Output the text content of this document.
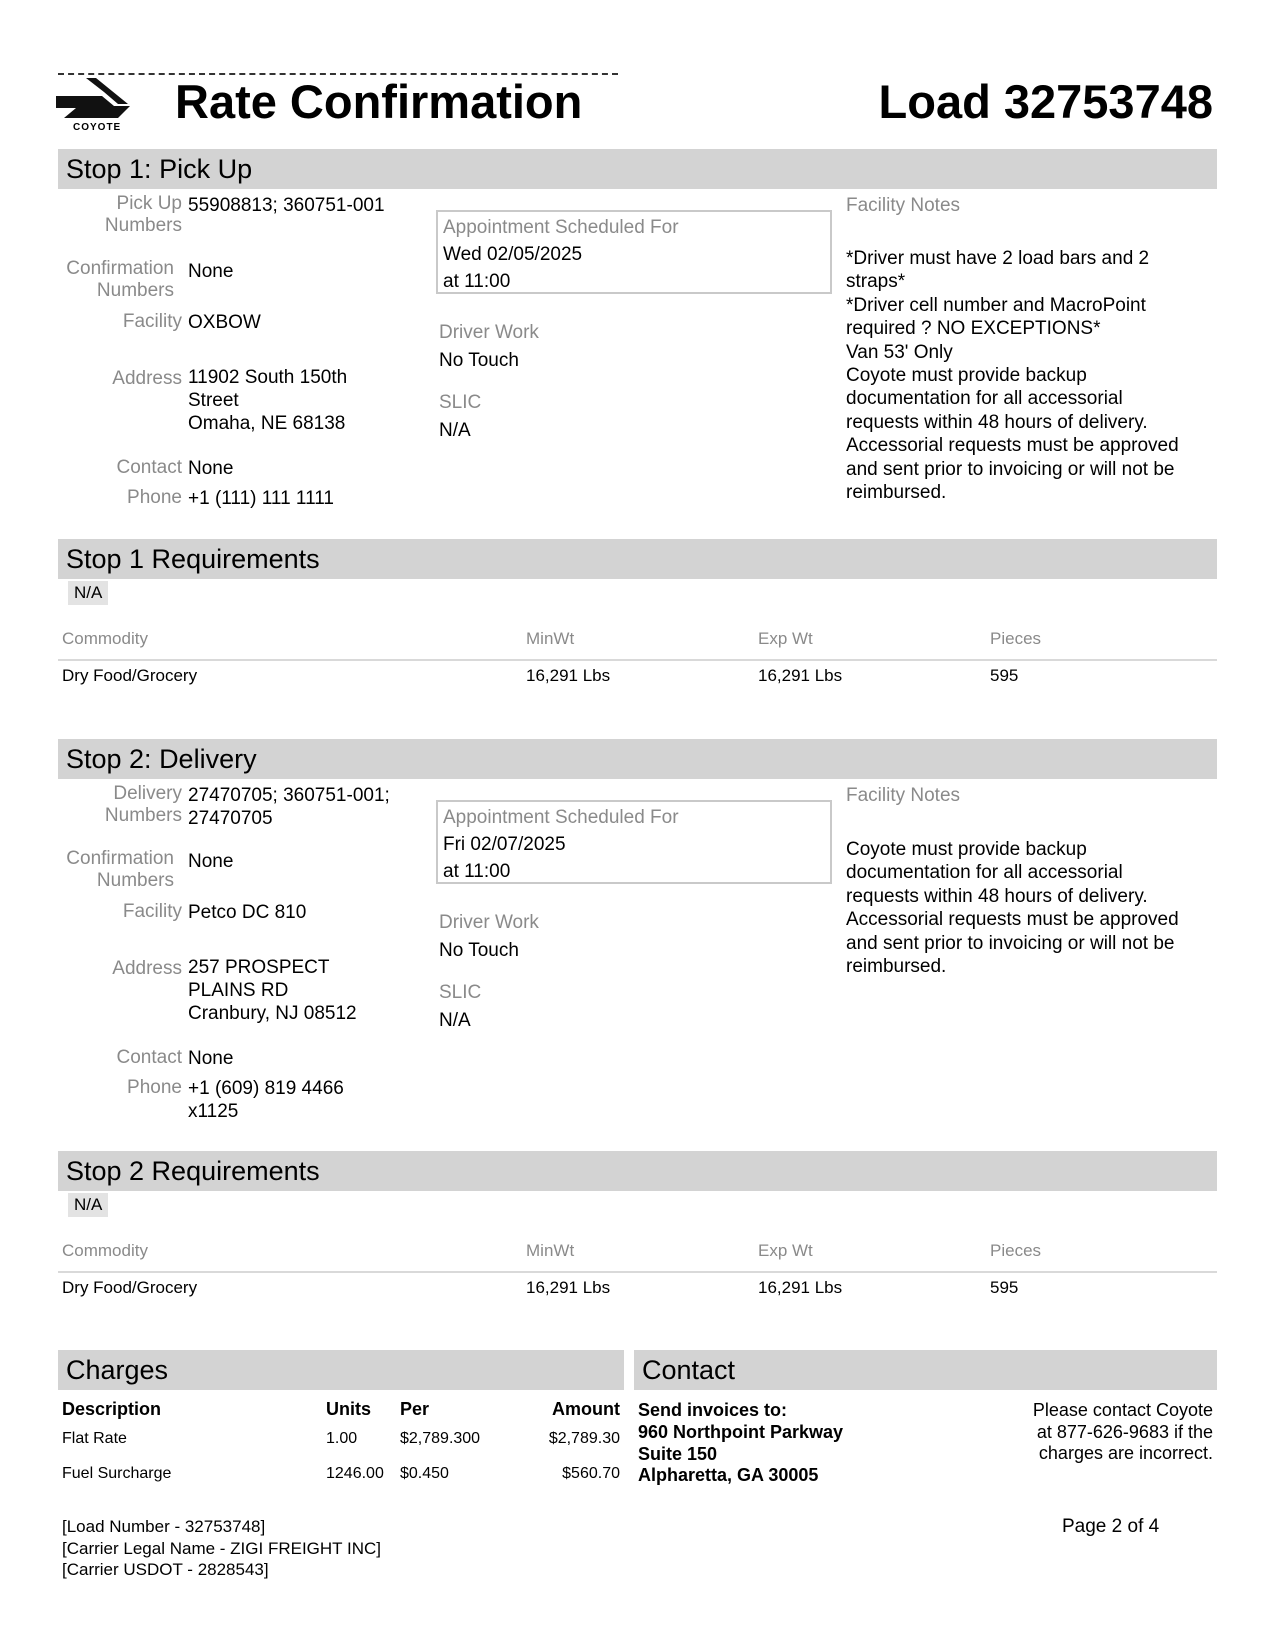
COYOTE Rate Confirmation	Load 32753748
Stop 1: Pick Up
Pick Up
Numbers
55908813; 360751-001
Confirmation
Numbers
None
Facility OXBOW
Address 11902 South 150th
Street
Omaha, NE 68138
Contact None
Phone +1 (111) 111 1111
Appointment Scheduled For
Wed 02/05/2025
at 11:00
Driver Work
No Touch
SLIC
N/A
Facility Notes
*Driver must have 2 load bars and 2
straps*
*Driver cell number and MacroPoint
required ? NO EXCEPTIONS*
Van 53' Only
Coyote must provide backup
documentation for all accessorial
requests within 48 hours of delivery.
Accessorial requests must be approved
and sent prior to invoicing or will not be
reimbursed.
Stop 1 Requirements
N/A
Commodity	MinWt	Exp Wt	Pieces
Dry Food/Grocery	16,291 Lbs	16,291 Lbs	595
Stop 2: Delivery
Delivery
Numbers
27470705; 360751-001;
27470705
Confirmation
Numbers
None
Facility Petco DC 810
Address 257 PROSPECT
PLAINS RD
Cranbury, NJ 08512
Contact None
Phone +1 (609) 819 4466
x1125
Appointment Scheduled For
Fri 02/07/2025
at 11:00
Driver Work
No Touch
SLIC
N/A
Facility Notes
Coyote must provide backup
documentation for all accessorial
requests within 48 hours of delivery.
Accessorial requests must be approved
and sent prior to invoicing or will not be
reimbursed.
Stop 2 Requirements
N/A
Commodity	MinWt	Exp Wt	Pieces
Dry Food/Grocery	16,291 Lbs	16,291 Lbs	595
Charges
Description	Units Per	Amount
Flat Rate	1.00	$2,789.300	$2,789.30
Fuel Surcharge	1246.00 $0.450	$560.70
Contact
Send invoices to:
960 Northpoint Parkway
Suite 150
Alpharetta, GA 30005
Please contact Coyote
at 877-626-9683 if the
charges are incorrect.
[Load Number - 32753748]
[Carrier Legal Name - ZIGI FREIGHT INC]
[Carrier USDOT - 2828543]
Page 2 of 4
